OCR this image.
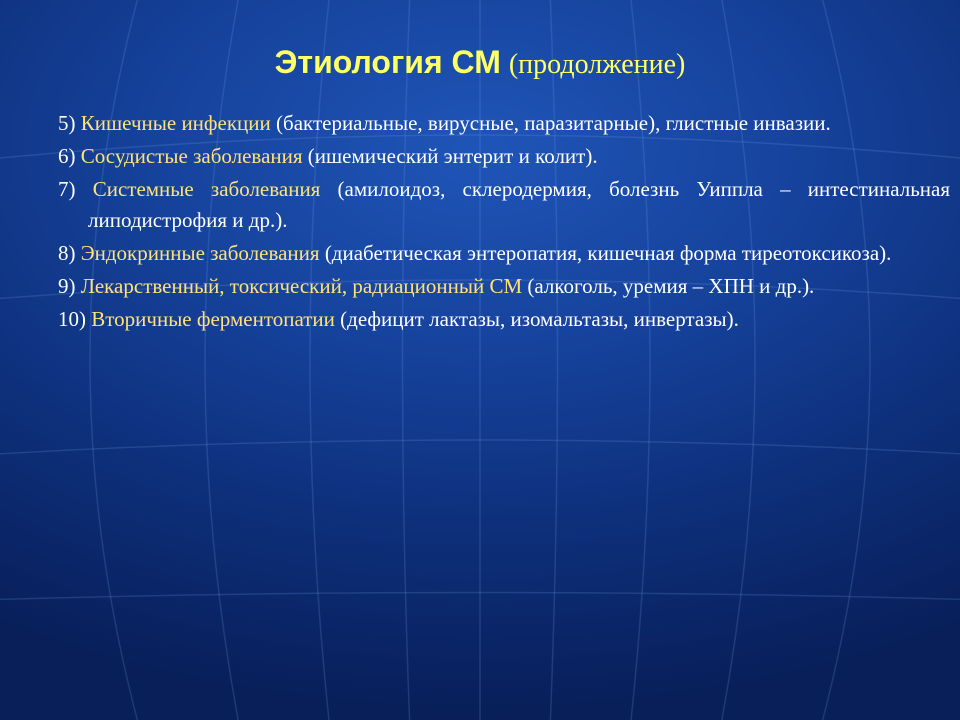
Этиология СМ (продолжение)
5) Кишечные инфекции (бактериальные, вирусные, паразитарные), глистные инвазии.
6) Сосудистые заболевания (ишемический энтерит и колит).
7) Системные заболевания (амилоидоз, склеродермия, болезнь Уиппла – интестинальная липодистрофия и др.).
8) Эндокринные заболевания (диабетическая энтеропатия, кишечная форма тиреотоксикоза).
9) Лекарственный, токсический, радиационный СМ (алкоголь, уремия – ХПН и др.).
10) Вторичные ферментопатии (дефицит лактазы, изомальтазы, инвертазы).
